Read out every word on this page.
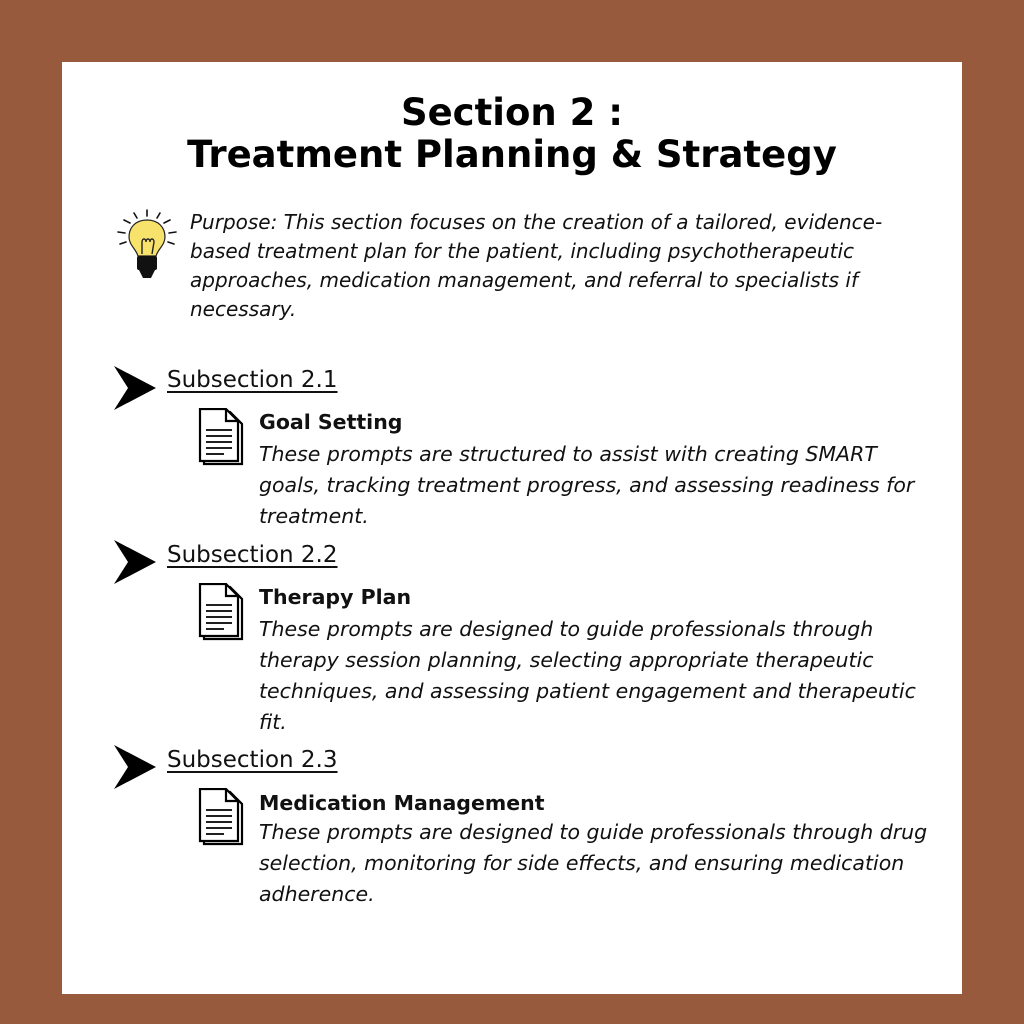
Section 2 :
Treatment Planning & Strategy

Purpose: This section focuses on the creation of a tailored, evidence-based treatment plan for the patient, including psychotherapeutic approaches, medication management, and referral to specialists if necessary.

Subsection 2.1

Goal Setting

These prompts are structured to assist with creating SMART goals, tracking treatment progress, and assessing readiness for treatment.

Subsection 2.2

Therapy Plan

These prompts are designed to guide professionals through therapy session planning, selecting appropriate therapeutic techniques, and assessing patient engagement and therapeutic fit.

Subsection 2.3

Medication Management

These prompts are designed to guide professionals through drug selection, monitoring for side effects, and ensuring medication adherence.
